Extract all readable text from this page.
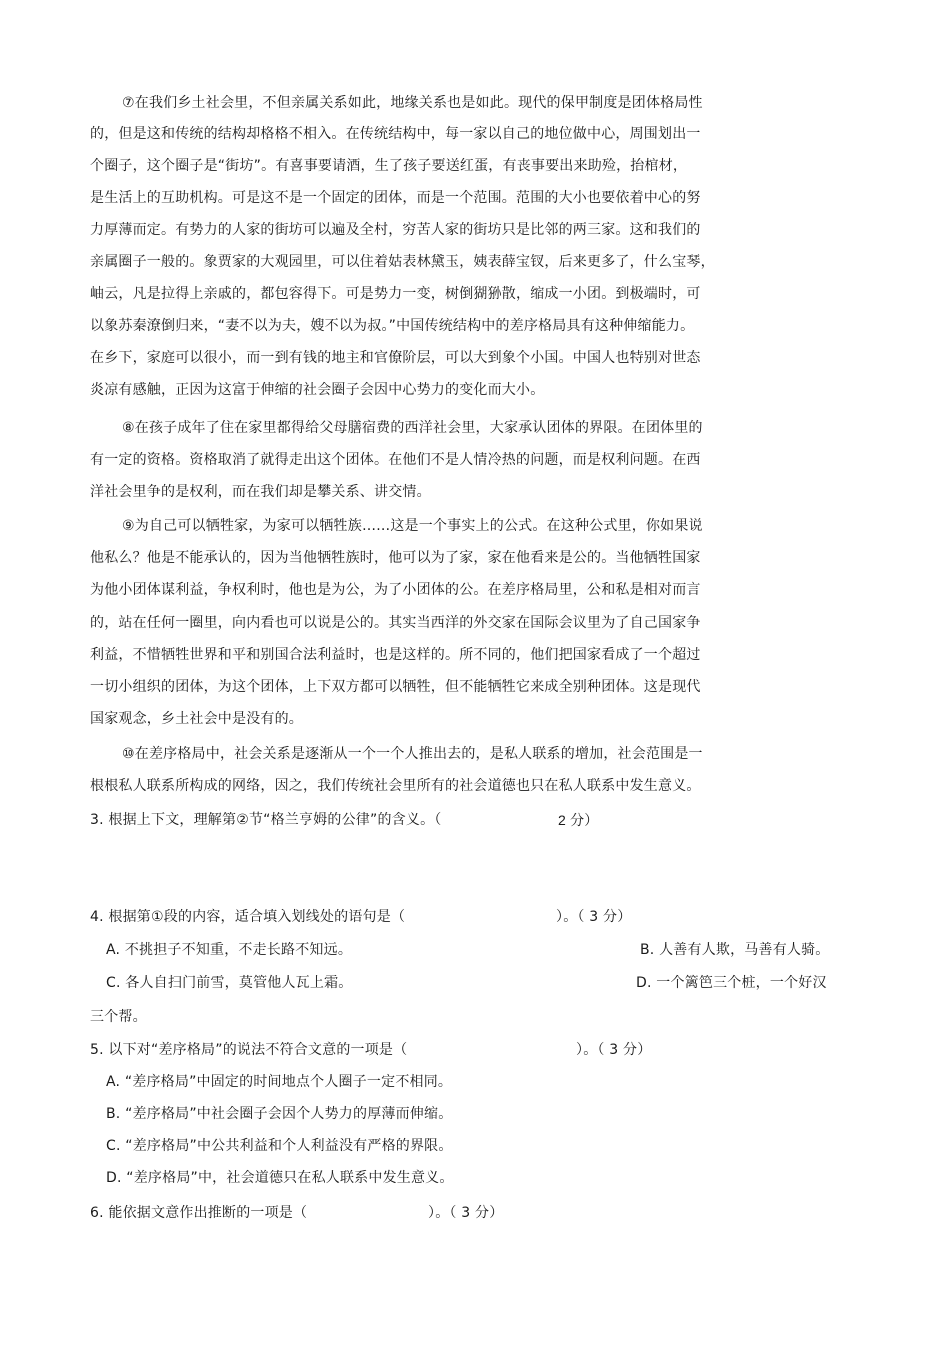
⑦在我们乡土社会里，不但亲属关系如此，地缘关系也是如此。现代的保甲制度是团体格局性
的，但是这和传统的结构却格格不相入。在传统结构中，每一家以自己的地位做中心，周围划出一
个圈子，这个圈子是“街坊”。有喜事要请酒，生了孩子要送红蛋，有丧事要出来助殓，抬棺材，
是生活上的互助机构。可是这不是一个固定的团体，而是一个范围。范围的大小也要依着中心的努
力厚薄而定。有势力的人家的街坊可以遍及全村，穷苦人家的街坊只是比邻的两三家。这和我们的
亲属圈子一般的。象贾家的大观园里，可以住着姑表林黛玉，姨表薛宝钗，后来更多了，什么宝琴，
岫云，凡是拉得上亲戚的，都包容得下。可是势力一变，树倒猢狲散，缩成一小团。到极端时，可
以象苏秦潦倒归来，“妻不以为夫，嫂不以为叔。”中国传统结构中的差序格局具有这种伸缩能力。
在乡下，家庭可以很小，而一到有钱的地主和官僚阶层，可以大到象个小国。中国人也特别对世态
炎凉有感触，正因为这富于伸缩的社会圈子会因中心势力的变化而大小。
⑧在孩子成年了住在家里都得给父母膳宿费的西洋社会里，大家承认团体的界限。在团体里的
有一定的资格。资格取消了就得走出这个团体。在他们不是人情冷热的问题，而是权利问题。在西
洋社会里争的是权利，而在我们却是攀关系、讲交情。
⑨为自己可以牺牲家，为家可以牺牲族……这是一个事实上的公式。在这种公式里，你如果说
他私么？他是不能承认的，因为当他牺牲族时，他可以为了家，家在他看来是公的。当他牺牲国家
为他小团体谋利益，争权利时，他也是为公，为了小团体的公。在差序格局里，公和私是相对而言
的，站在任何一圈里，向内看也可以说是公的。其实当西洋的外交家在国际会议里为了自己国家争
利益，不惜牺牲世界和平和别国合法利益时，也是这样的。所不同的，他们把国家看成了一个超过
一切小组织的团体，为这个团体，上下双方都可以牺牲，但不能牺牲它来成全别种团体。这是现代
国家观念，乡土社会中是没有的。
⑩在差序格局中，社会关系是逐渐从一个一个人推出去的，是私人联系的增加，社会范围是一
根根私人联系所构成的网络，因之，我们传统社会里所有的社会道德也只在私人联系中发生意义。
3. 根据上下文，理解第②节“格兰亨姆的公律”的含义。（	2 分）
4. 根据第①段的内容，适合填入划线处的语句是（	）。（ 3 分）
A. 不挑担子不知重，不走长路不知远。	B. 人善有人欺，马善有人骑。
C. 各人自扫门前雪，莫管他人瓦上霜。	D. 一个篱笆三个桩，一个好汉
三个帮。
5. 以下对“差序格局”的说法不符合文意的一项是（	）。（ 3 分）
A. “差序格局”中固定的时间地点个人圈子一定不相同。
B. “差序格局”中社会圈子会因个人势力的厚薄而伸缩。
C. “差序格局”中公共利益和个人利益没有严格的界限。
D. “差序格局”中，社会道德只在私人联系中发生意义。
6. 能依据文意作出推断的一项是（	）。（ 3 分）
